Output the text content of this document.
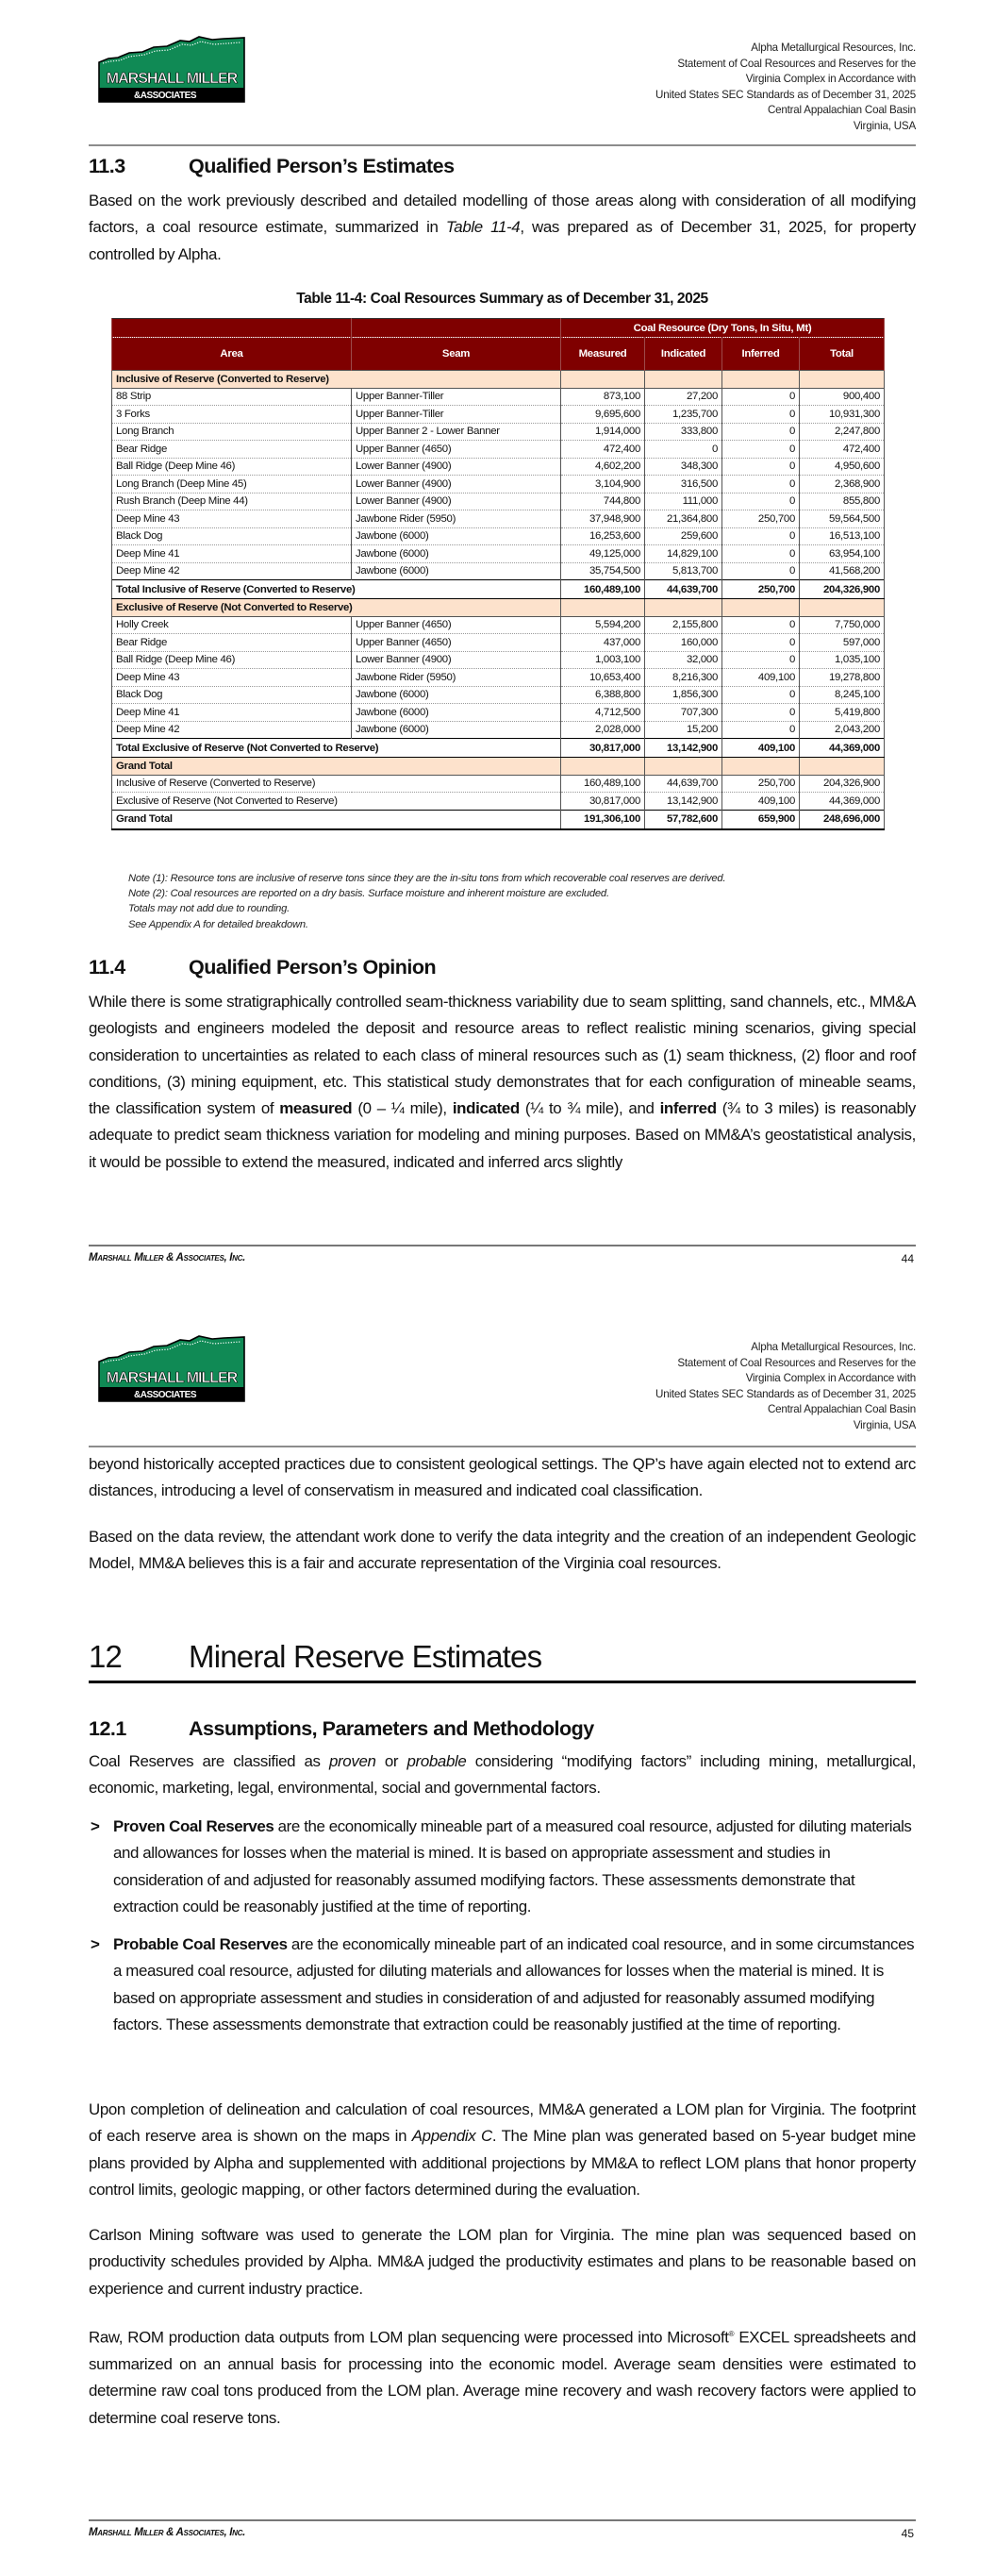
MARSHALL MILLER
&ASSOCIATES
Alpha Metallurgical Resources, Inc.
Statement of Coal Resources and Reserves for the
Virginia Complex in Accordance with
United States SEC Standards as of December 31, 2025
Central Appalachian Coal Basin
Virginia, USA
11.3	Qualified Person’s Estimates

Based on the work previously described and detailed modelling of those areas along with consideration of all modifying factors, a coal resource estimate, summarized in Table 11-4, was prepared as of December 31, 2025, for property controlled by Alpha.

Table 11-4: Coal Resources Summary as of December 31, 2025

		Coal Resource (Dry Tons, In Situ, Mt)			
Area	Seam	Measured	Indicated	Inferred	Total
Inclusive of Reserve (Converted to Reserve)					
88 Strip	Upper Banner-Tiller	873,100	27,200	0	900,400
3 Forks	Upper Banner-Tiller	9,695,600	1,235,700	0	10,931,300
Long Branch	Upper Banner 2 - Lower Banner	1,914,000	333,800	0	2,247,800
Bear Ridge	Upper Banner (4650)	472,400	0	0	472,400
Ball Ridge (Deep Mine 46)	Lower Banner (4900)	4,602,200	348,300	0	4,950,600
Long Branch (Deep Mine 45)	Lower Banner (4900)	3,104,900	316,500	0	2,368,900
Rush Branch (Deep Mine 44)	Lower Banner (4900)	744,800	111,000	0	855,800
Deep Mine 43	Jawbone Rider (5950)	37,948,900	21,364,800	250,700	59,564,500
Black Dog	Jawbone (6000)	16,253,600	259,600	0	16,513,100
Deep Mine 41	Jawbone (6000)	49,125,000	14,829,100	0	63,954,100
Deep Mine 42	Jawbone (6000)	35,754,500	5,813,700	0	41,568,200
Total Inclusive of Reserve (Converted to Reserve)		160,489,100	44,639,700	250,700	204,326,900
Exclusive of Reserve (Not Converted to Reserve)					
Holly Creek	Upper Banner (4650)	5,594,200	2,155,800	0	7,750,000
Bear Ridge	Upper Banner (4650)	437,000	160,000	0	597,000
Ball Ridge (Deep Mine 46)	Lower Banner (4900)	1,003,100	32,000	0	1,035,100
Deep Mine 43	Jawbone Rider (5950)	10,653,400	8,216,300	409,100	19,278,800
Black Dog	Jawbone (6000)	6,388,800	1,856,300	0	8,245,100
Deep Mine 41	Jawbone (6000)	4,712,500	707,300	0	5,419,800
Deep Mine 42	Jawbone (6000)	2,028,000	15,200	0	2,043,200
Total Exclusive of Reserve (Not Converted to Reserve)		30,817,000	13,142,900	409,100	44,369,000
Grand Total					
Inclusive of Reserve (Converted to Reserve)		160,489,100	44,639,700	250,700	204,326,900
Exclusive of Reserve (Not Converted to Reserve)		30,817,000	13,142,900	409,100	44,369,000
Grand Total		191,306,100	57,782,600	659,900	248,696,000
Note (1): Resource tons are inclusive of reserve tons since they are the in-situ tons from which recoverable coal reserves are derived.
Note (2): Coal resources are reported on a dry basis. Surface moisture and inherent moisture are excluded.
Totals may not add due to rounding.
See Appendix A for detailed breakdown.
11.4	Qualified Person’s Opinion

While there is some stratigraphically controlled seam-thickness variability due to seam splitting, sand channels, etc., MM&A geologists and engineers modeled the deposit and resource areas to reflect realistic mining scenarios, giving special consideration to uncertainties as related to each class of mineral resources such as (1) seam thickness, (2) floor and roof conditions, (3) mining equipment, etc. This statistical study demonstrates that for each configuration of mineable seams, the classification system of measured (0 – ¼ mile), indicated (¼ to ¾ mile), and inferred (¾ to 3 miles) is reasonably adequate to predict seam thickness variation for modeling and mining purposes. Based on MM&A’s geostatistical analysis, it would be possible to extend the measured, indicated and inferred arcs slightly

Marshall Miller & Associates, Inc.	44
MARSHALL MILLER
&ASSOCIATES
Alpha Metallurgical Resources, Inc.
Statement of Coal Resources and Reserves for the
Virginia Complex in Accordance with
United States SEC Standards as of December 31, 2025
Central Appalachian Coal Basin
Virginia, USA

beyond historically accepted practices due to consistent geological settings. The QP’s have again elected not to extend arc distances, introducing a level of conservatism in measured and indicated coal classification.

Based on the data review, the attendant work done to verify the data integrity and the creation of an independent Geologic Model, MM&A believes this is a fair and accurate representation of the Virginia coal resources.

12 Mineral Reserve Estimates
12.1	Assumptions, Parameters and Methodology

Coal Reserves are classified as proven or probable considering “modifying factors” including mining, metallurgical, economic, marketing, legal, environmental, social and governmental factors.

> Proven Coal Reserves are the economically mineable part of a measured coal resource, adjusted for diluting materials and allowances for losses when the material is mined. It is based on appropriate assessment and studies in consideration of and adjusted for reasonably assumed modifying factors. These assessments demonstrate that extraction could be reasonably justified at the time of reporting.
> Probable Coal Reserves are the economically mineable part of an indicated coal resource, and in some circumstances a measured coal resource, adjusted for diluting materials and allowances for losses when the material is mined. It is based on appropriate assessment and studies in consideration of and adjusted for reasonably assumed modifying factors. These assessments demonstrate that extraction could be reasonably justified at the time of reporting.

Upon completion of delineation and calculation of coal resources, MM&A generated a LOM plan for Virginia. The footprint of each reserve area is shown on the maps in Appendix C. The Mine plan was generated based on 5-year budget mine plans provided by Alpha and supplemented with additional projections by MM&A to reflect LOM plans that honor property control limits, geologic mapping, or other factors determined during the evaluation.

Carlson Mining software was used to generate the LOM plan for Virginia. The mine plan was sequenced based on productivity schedules provided by Alpha. MM&A judged the productivity estimates and plans to be reasonable based on experience and current industry practice.

Raw, ROM production data outputs from LOM plan sequencing were processed into Microsoft® EXCEL spreadsheets and summarized on an annual basis for processing into the economic model. Average seam densities were estimated to determine raw coal tons produced from the LOM plan. Average mine recovery and wash recovery factors were applied to determine coal reserve tons.

Marshall Miller & Associates, Inc.	45
